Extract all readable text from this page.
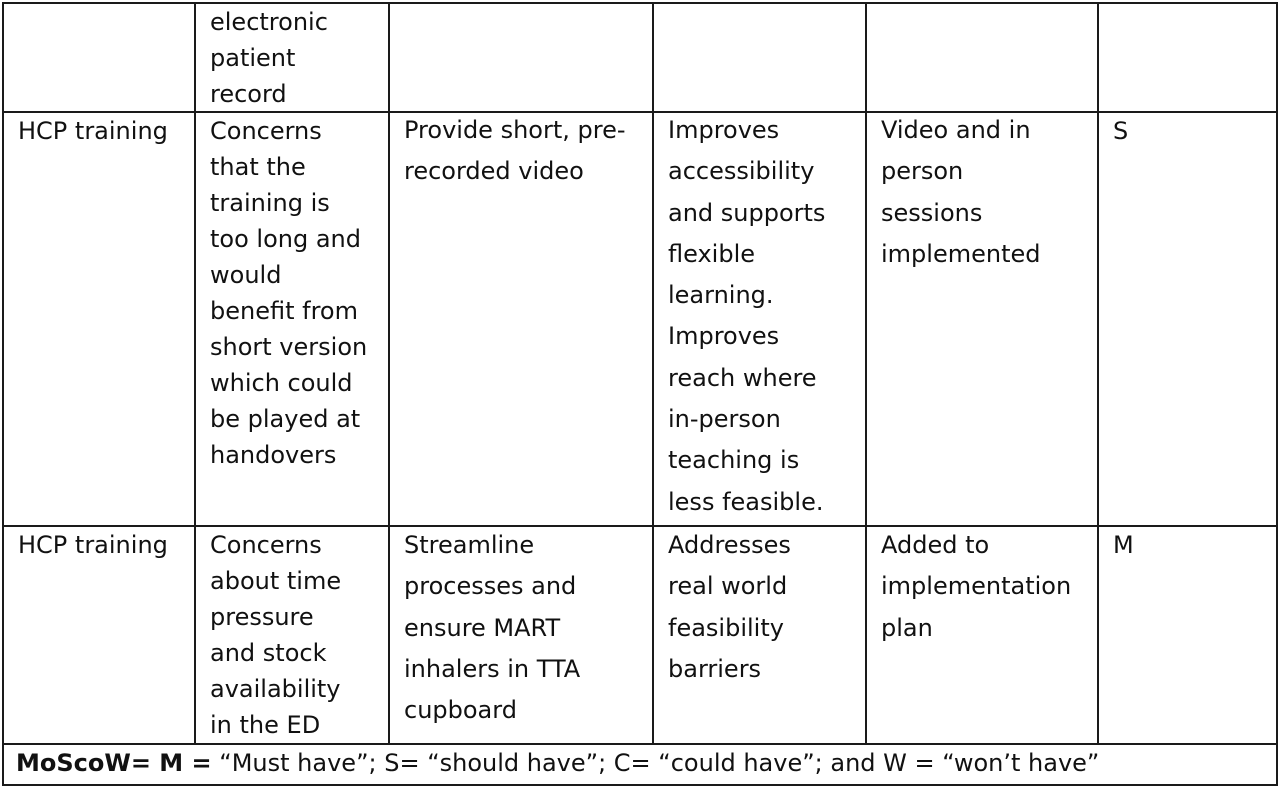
electronic
patient
record
HCP training	Concerns
that the
training is
too long and
would
benefit from
short version
which could
be played at
handovers
Provide short, pre-
recorded video
Improves
accessibility
and supports
flexible
learning.
Improves
reach where
in-person
teaching is
less feasible.
Video and in
person
sessions
implemented
S
HCP training	Concerns
about time
pressure
and stock
availability
in the ED
Streamline
processes and
ensure MART
inhalers in TTA
cupboard
Addresses
real world
feasibility
barriers
Added to
implementation
plan
M
MoScoW= M = “Must have”; S= “should have”; C= “could have”; and W = “won’t have”
